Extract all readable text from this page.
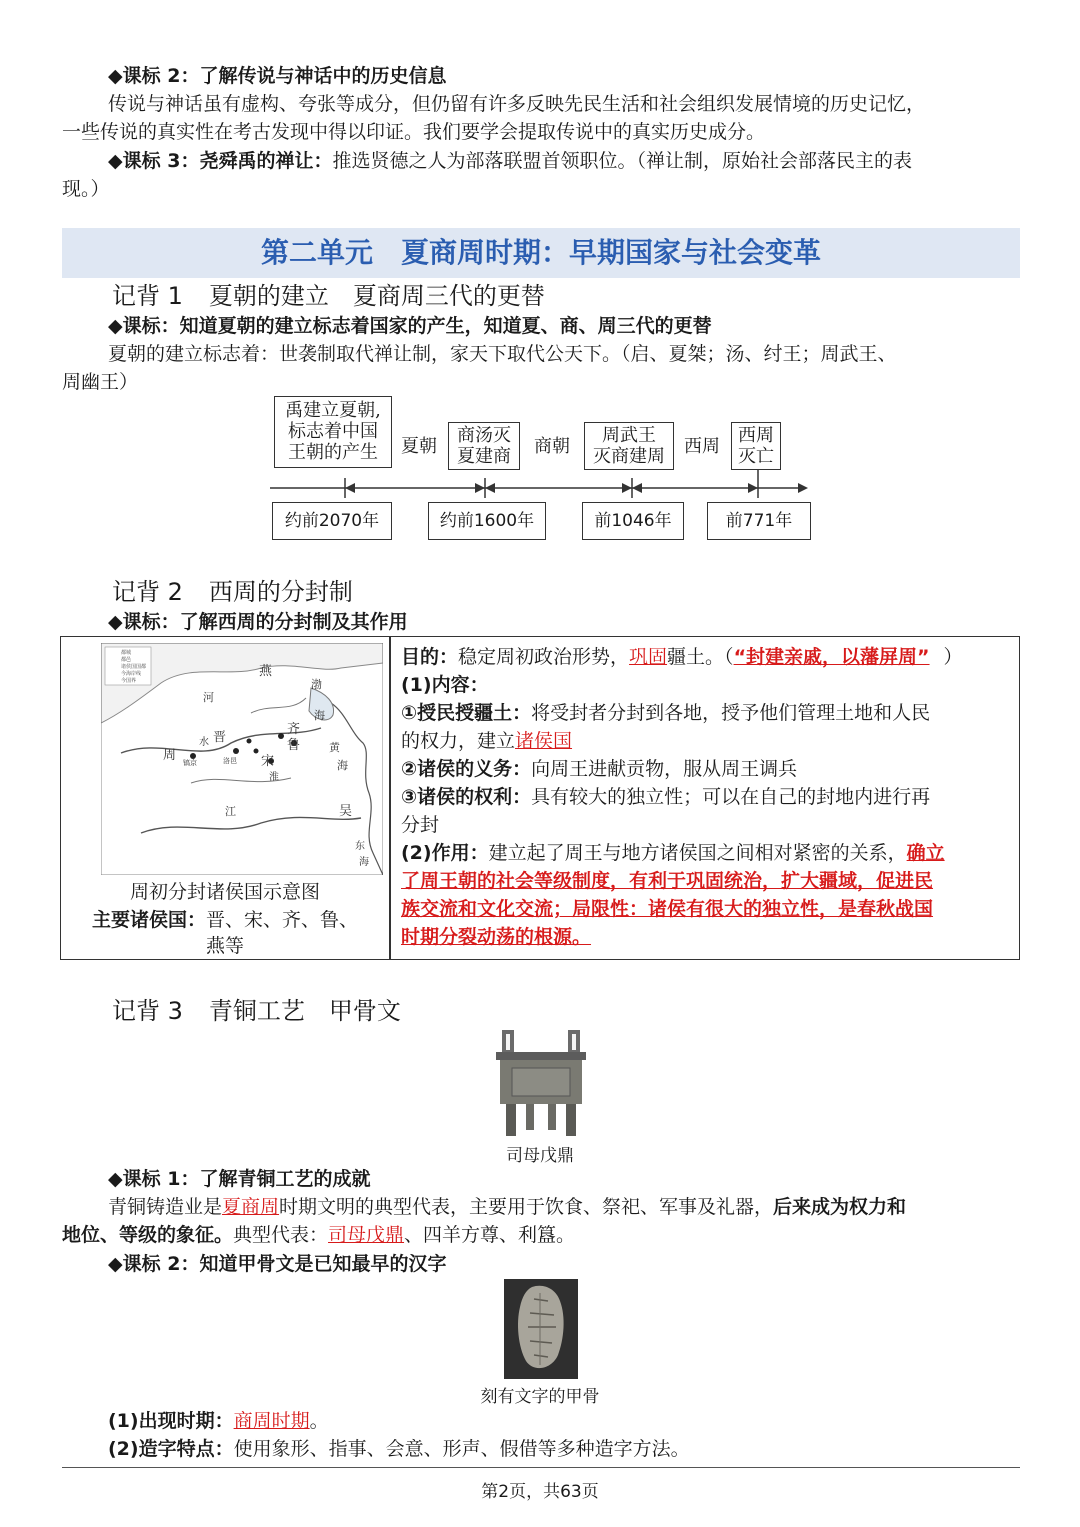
◆课标 2：了解传说与神话中的历史信息
传说与神话虽有虚构、夸张等成分，但仍留有许多反映先民生活和社会组织发展情境的历史记忆，
一些传说的真实性在考古发现中得以印证。我们要学会提取传说中的真实历史成分。
◆课标 3：尧舜禹的禅让：推选贤德之人为部落联盟首领职位。（禅让制，原始社会部落民主的表
现。）
第二单元　夏商周时期：早期国家与社会变革
记背 1 夏朝的建立　夏商周三代的更替
◆课标：知道夏朝的建立标志着国家的产生，知道夏、商、周三代的更替
夏朝的建立标志着：世袭制取代禅让制，家天下取代公天下。（启、夏桀；汤、纣王；周武王、
周幽王）
禹建立夏朝,
标志着中国
王朝的产生	夏朝
商汤灭
夏建商	商朝
周武王
灭商建周	西周
西周
灭亡
约前2070年	约前1600年	前1046年	前771年
记背 2 西周的分封制
◆课标：了解西周的分封制及其作用
都城
都邑
诸侯国国都
今海岸线
今国界
燕
渤
海
河
齐
鲁	黄
海
周
水 晋
镐京	洛邑 宋
淮
吴
江
东
海
周初分封诸侯国示意图
主要诸侯国：晋、宋、齐、鲁、
燕等
目的：稳定周初政治形势，巩固疆土。（“封建亲戚，以藩屏周” ）
(1)内容：
①授民授疆土：将受封者分封到各地，授予他们管理土地和人民
的权力，建立诸侯国
②诸侯的义务：向周王进献贡物，服从周王调兵
③诸侯的权利：具有较大的独立性；可以在自己的封地内进行再
分封
(2)作用：建立起了周王与地方诸侯国之间相对紧密的关系，确立
了周王朝的社会等级制度，有利于巩固统治，扩大疆域，促进民
族交流和文化交流；局限性：诸侯有很大的独立性，是春秋战国
时期分裂动荡的根源。
记背 3 青铜工艺　甲骨文
司母戊鼎
◆课标 1：了解青铜工艺的成就
青铜铸造业是夏商周时期文明的典型代表，主要用于饮食、祭祀、军事及礼器，后来成为权力和
地位、等级的象征。典型代表：司母戊鼎、四羊方尊、利簋。
◆课标 2：知道甲骨文是已知最早的汉字
刻有文字的甲骨
(1)出现时期：商周时期。
(2)造字特点：使用象形、指事、会意、形声、假借等多种造字方法。
第2页，共63页
